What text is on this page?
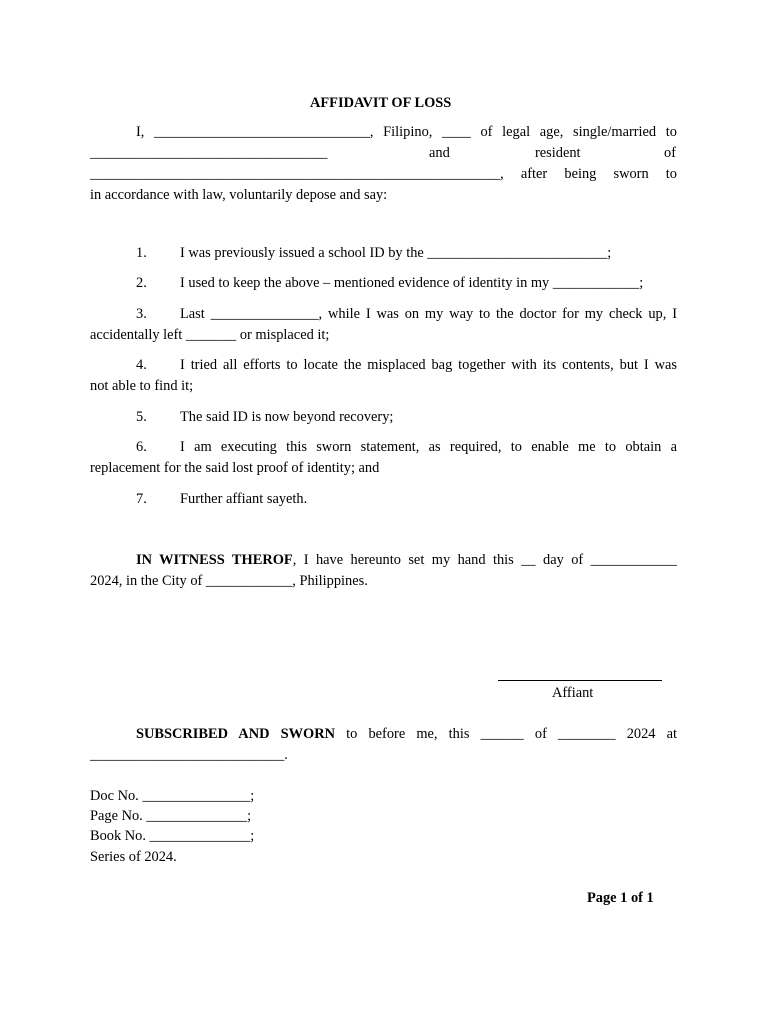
AFFIDAVIT OF LOSS
I, ______________________________, Filipino, ____ of legal age, single/married to
_________________________________	and	resident	of
_________________________________________________________, after being sworn to
in accordance with law, voluntarily depose and say:
1. I was previously issued a school ID by the _________________________;
2. I used to keep the above – mentioned evidence of identity in my ____________;
3. Last _______________, while I was on my way to the doctor for my check up, I
accidentally left _______ or misplaced it;
4. I tried all efforts to locate the misplaced bag together with its contents, but I was
not able to find it;
5. The said ID is now beyond recovery;
6. I am executing this sworn statement, as required, to enable me to obtain a
replacement for the said lost proof of identity; and
7. Further affiant sayeth.
IN WITNESS THEROF, I have hereunto set my hand this __ day of ____________
2024, in the City of ____________, Philippines.
Affiant
SUBSCRIBED AND SWORN to before me, this ______ of ________ 2024 at
___________________________.
Doc No. _______________;
Page No. ______________;
Book No. ______________;
Series of 2024.
Page 1 of 1
